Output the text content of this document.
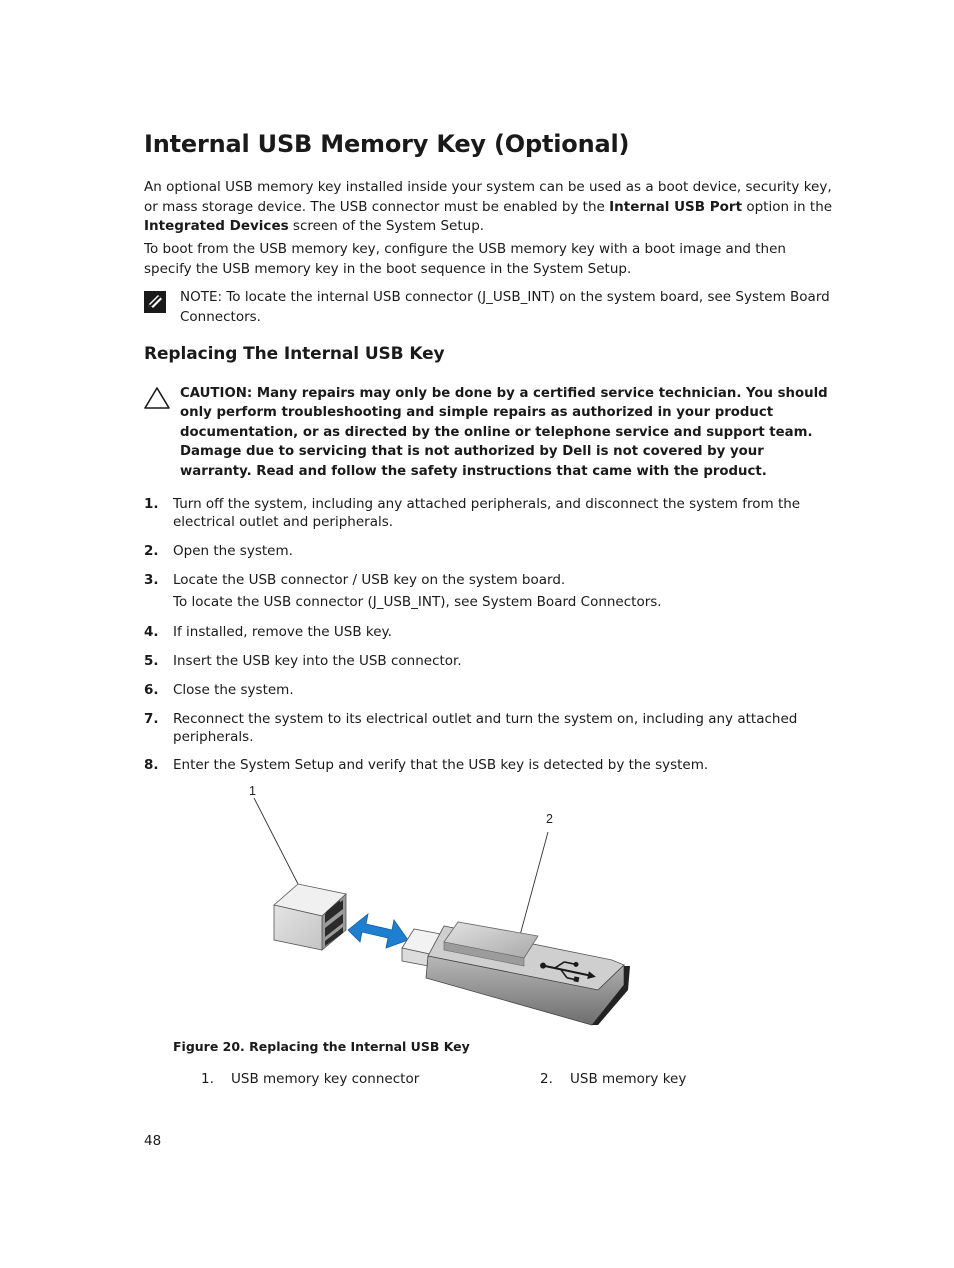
Internal USB Memory Key (Optional)
An optional USB memory key installed inside your system can be used as a boot device, security key, or mass storage device. The USB connector must be enabled by the Internal USB Port option in the Integrated Devices screen of the System Setup.
To boot from the USB memory key, configure the USB memory key with a boot image and then specify the USB memory key in the boot sequence in the System Setup.
NOTE: To locate the internal USB connector (J_USB_INT) on the system board, see System Board Connectors.
Replacing The Internal USB Key
CAUTION: Many repairs may only be done by a certified service technician. You should only perform troubleshooting and simple repairs as authorized in your product documentation, or as directed by the online or telephone service and support team. Damage due to servicing that is not authorized by Dell is not covered by your warranty. Read and follow the safety instructions that came with the product.
1. Turn off the system, including any attached peripherals, and disconnect the system from the electrical outlet and peripherals.
2. Open the system.
3. Locate the USB connector / USB key on the system board.
To locate the USB connector (J_USB_INT), see System Board Connectors.
4. If installed, remove the USB key.
5. Insert the USB key into the USB connector.
6. Close the system.
7. Reconnect the system to its electrical outlet and turn the system on, including any attached peripherals.
8. Enter the System Setup and verify that the USB key is detected by the system.
1
2
Figure 20. Replacing the Internal USB Key
1. USB memory key connector	2. USB memory key
48
